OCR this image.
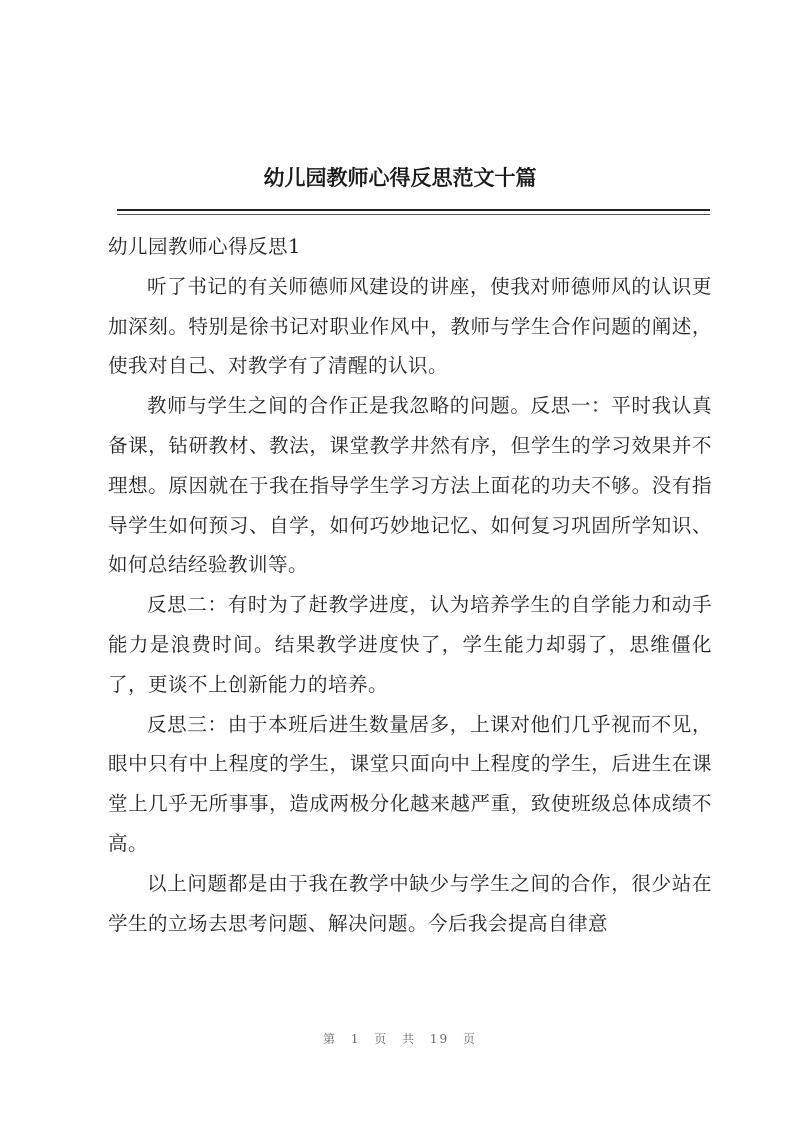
幼儿园教师心得反思范文十篇

幼儿园教师心得反思1

听了书记的有关师德师风建设的讲座，使我对师德师风的认识更加深刻。特别是徐书记对职业作风中，教师与学生合作问题的阐述，使我对自己、对教学有了清醒的认识。

教师与学生之间的合作正是我忽略的问题。反思一：平时我认真备课，钻研教材、教法，课堂教学井然有序，但学生的学习效果并不理想。原因就在于我在指导学生学习方法上面花的功夫不够。没有指导学生如何预习、自学，如何巧妙地记忆、如何复习巩固所学知识、如何总结经验教训等。

反思二：有时为了赶教学进度，认为培养学生的自学能力和动手能力是浪费时间。结果教学进度快了，学生能力却弱了，思维僵化了，更谈不上创新能力的培养。

反思三：由于本班后进生数量居多，上课对他们几乎视而不见，眼中只有中上程度的学生，课堂只面向中上程度的学生，后进生在课堂上几乎无所事事，造成两极分化越来越严重，致使班级总体成绩不高。

以上问题都是由于我在教学中缺少与学生之间的合作，很少站在学生的立场去思考问题、解决问题。今后我会提高自律意

第 1 页 共 19 页
